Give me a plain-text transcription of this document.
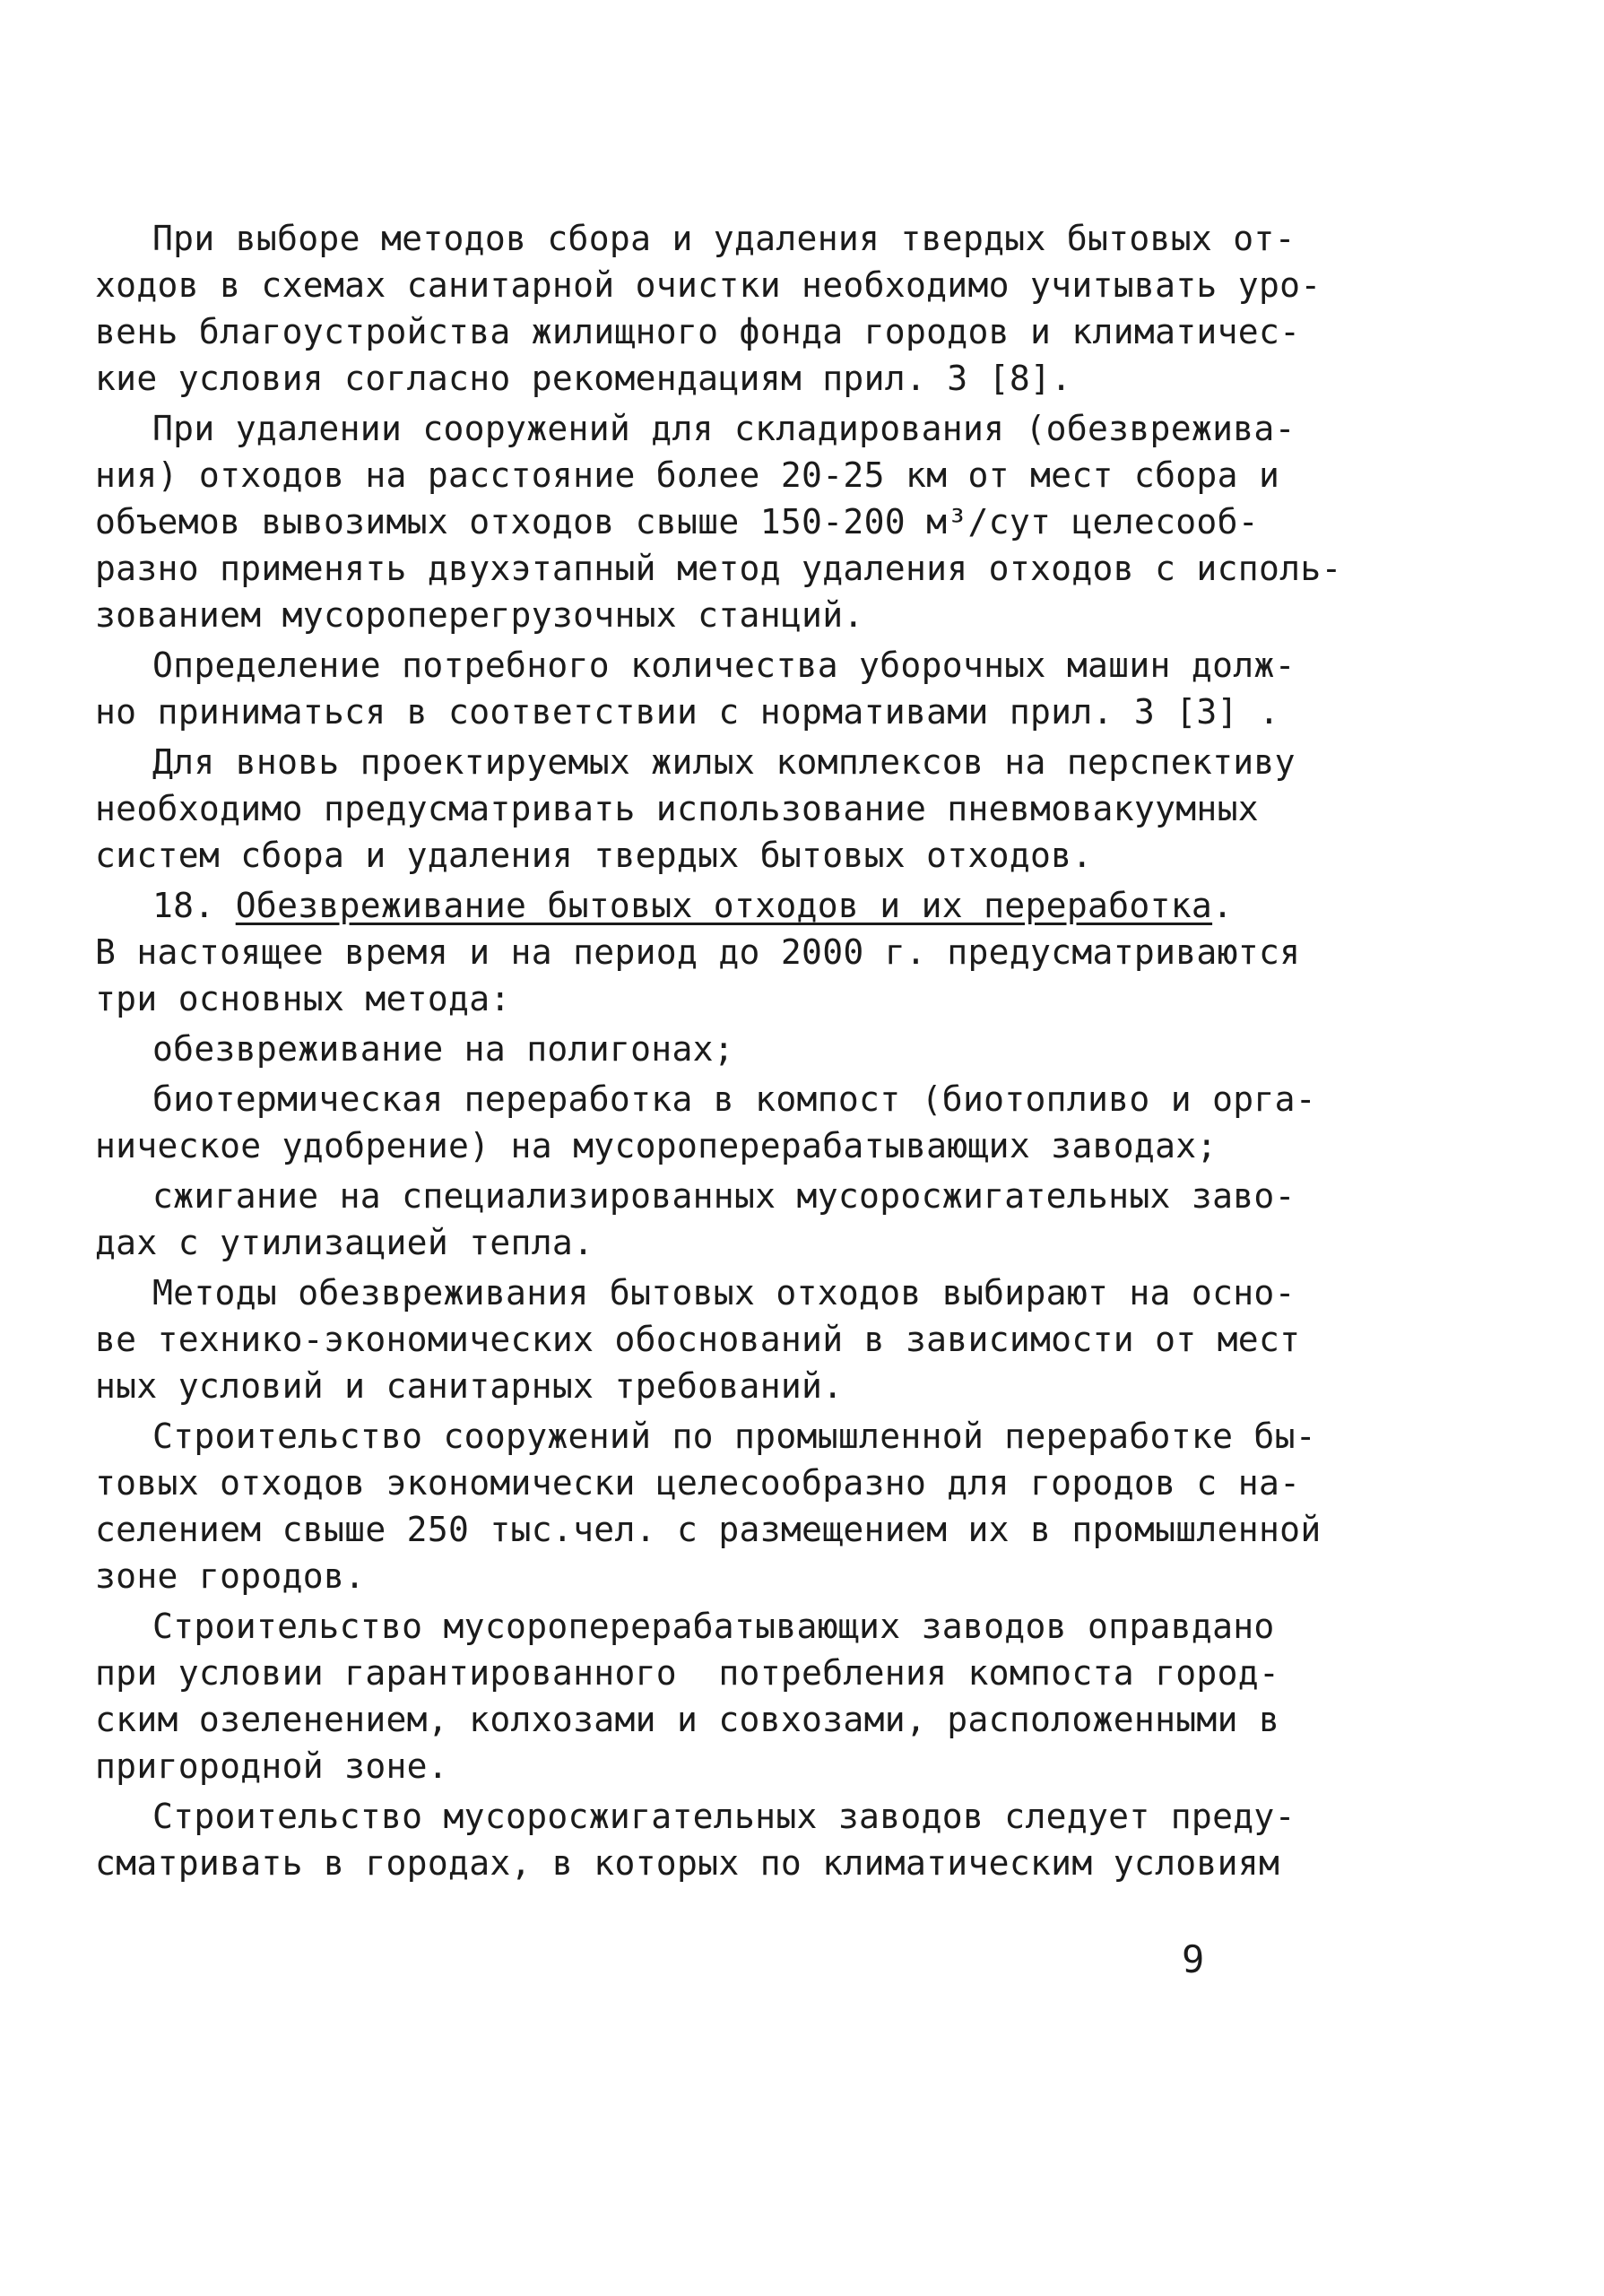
При выборе методов сбора и удаления твердых бытовых от-
ходов в схемах санитарной очистки необходимо учитывать уро-
вень благоустройства жилищного фонда городов и климатичес-
кие условия согласно рекомендациям прил. 3 [8].
При удалении сооружений для складирования (обезвреживa-
ния) отходов на расстояние более 20-25 км от мест сбора и
объемов вывозимых отходов свыше 150-200 м³/сут целесооб-
разно применять двухэтапный метод удаления отходов с исполь-
зованием мусороперегрузочных станций.
Определение потребного количества уборочных машин долж-
но приниматься в соответствии с нормативами прил. 3 [3] .
Для вновь проектируемых жилых комплексов на перспективу
необходимо предусматривать использование пневмовакуумных
систем сбора и удаления твердых бытовых отходов.
18. Обезвреживание бытовых отходов и их переработка.
В настоящее время и на период до 2000 г. предусматриваются
три основных метода:
обезвреживание на полигонах;
биотермическая переработка в компост (биотопливо и орга-
ническое удобрение) на мусороперерабатывающих заводах;
сжигание на специализированных мусоросжигательных заво-
дах с утилизацией тепла.
Методы обезвреживания бытовых отходов выбирают на осно-
ве технико-экономических обоснований в зависимости от мест
ных условий и санитарных требований.
Строительство сооружений по промышленной переработке бы-
товых отходов экономически целесообразно для городов с на-
селением свыше 250 тыс.чел. с размещением их в промышленной
зоне городов.
Строительство мусороперерабатывающих заводов оправдано
при условии гарантированного  потребления компоста город-
ским озеленением, колхозами и совхозами, расположенными в
пригородной зоне.
Строительство мусоросжигательных заводов следует преду-
сматривать в городах, в которых по климатическим условиям
9
